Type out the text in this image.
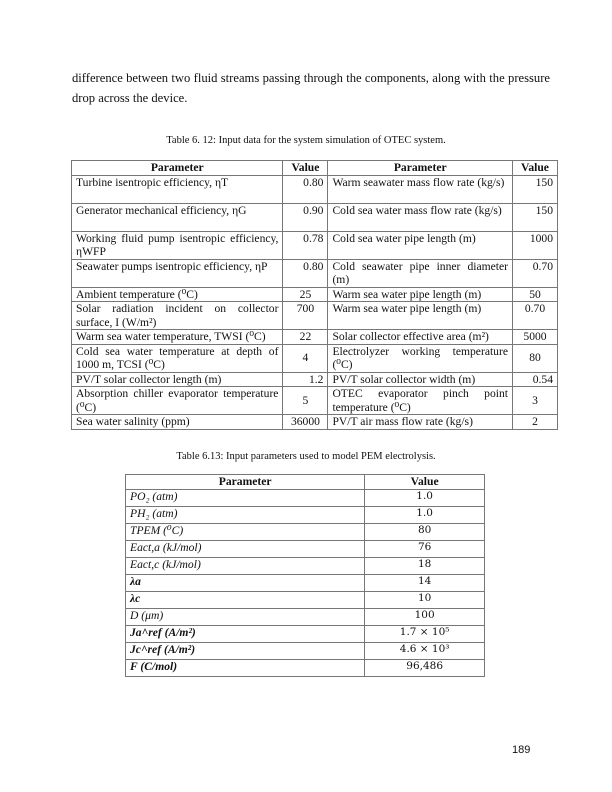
difference between two fluid streams passing through the components, along with the pressure drop across the device.
Table 6. 12: Input data for the system simulation of OTEC system.
Parameter	Value	Parameter	Value
Turbine isentropic efficiency, ηT	0.80	Warm seawater mass flow rate (kg/s)	150
Generator mechanical efficiency, ηG	0.90	Cold sea water mass flow rate (kg/s)	150
Working fluid pump isentropic efficiency, ηWFP	0.78	Cold sea water pipe length (m)	1000
Seawater pumps isentropic efficiency, ηP	0.80	Cold seawater pipe inner diameter (m)	0.70
Ambient temperature (⁰C)	25	Warm sea water pipe length (m)	50
Solar radiation incident on collector surface, I (W/m²)	700	Warm sea water pipe length (m)	0.70
Warm sea water temperature, TWSI (⁰C)	22	Solar collector effective area (m²)	5000
Cold sea water temperature at depth of 1000 m, TCSI (⁰C)	4	Electrolyzer working temperature (⁰C)	80
PV/T solar collector length (m)	1.2	PV/T solar collector width (m)	0.54
Absorption chiller evaporator temperature (⁰C)	5	OTEC evaporator pinch point temperature (⁰C)	3
Sea water salinity (ppm)	36000	PV/T air mass flow rate (kg/s)	2
Table 6.13: Input parameters used to model PEM electrolysis.
Parameter	Value
PO₂ (atm)	1.0
PH₂ (atm)	1.0
TPEM (⁰C)	80
Eact,a (kJ/mol)	76
Eact,c (kJ/mol)	18
λa	14
λc	10
D (μm)	100
Ja^ref (A/m²)	1.7 × 10⁵
Jc^ref (A/m²)	4.6 × 10³
F (C/mol)	96,486
189
